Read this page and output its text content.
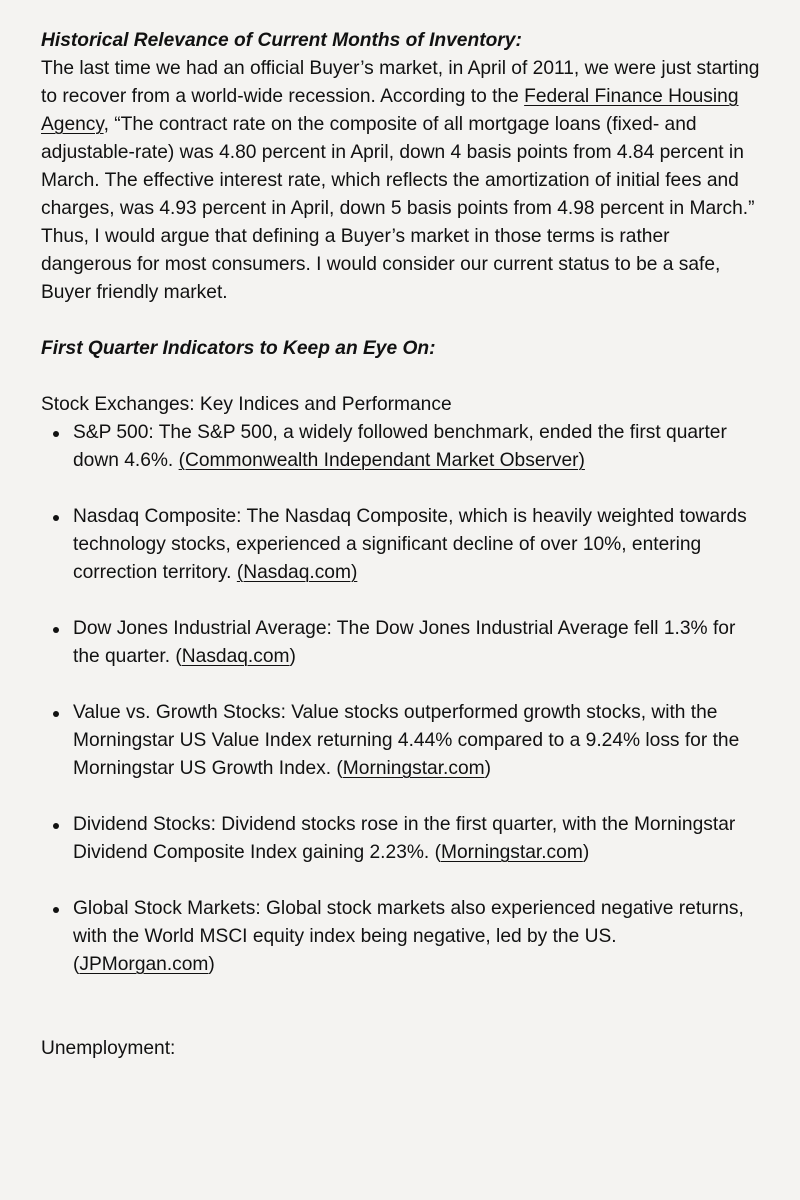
Historical Relevance of Current Months of Inventory:

The last time we had an official Buyer’s market, in April of 2011, we were just starting to recover from a world-wide recession. According to the Federal Finance Housing Agency, “The contract rate on the composite of all mortgage loans (fixed- and adjustable-rate) was 4.80 percent in April, down 4 basis points from 4.84 percent in March. The effective interest rate, which reflects the amortization of initial fees and charges, was 4.93 percent in April, down 5 basis points from 4.98 percent in March.” Thus, I would argue that defining a Buyer’s market in those terms is rather dangerous for most consumers. I would consider our current status to be a safe, Buyer friendly market.

First Quarter Indicators to Keep an Eye On:

Stock Exchanges: Key Indices and Performance

S&P 500: The S&P 500, a widely followed benchmark, ended the first quarter down 4.6%. (Commonwealth Independant Market Observer)
Nasdaq Composite: The Nasdaq Composite, which is heavily weighted towards technology stocks, experienced a significant decline of over 10%, entering correction territory. (Nasdaq.com)
Dow Jones Industrial Average: The Dow Jones Industrial Average fell 1.3% for the quarter. (Nasdaq.com)
Value vs. Growth Stocks: Value stocks outperformed growth stocks, with the Morningstar US Value Index returning 4.44% compared to a 9.24% loss for the Morningstar US Growth Index. (Morningstar.com)
Dividend Stocks: Dividend stocks rose in the first quarter, with the Morningstar Dividend Composite Index gaining 2.23%. (Morningstar.com)
Global Stock Markets: Global stock markets also experienced negative returns, with the World MSCI equity index being negative, led by the US. (JPMorgan.com)

Unemployment:
